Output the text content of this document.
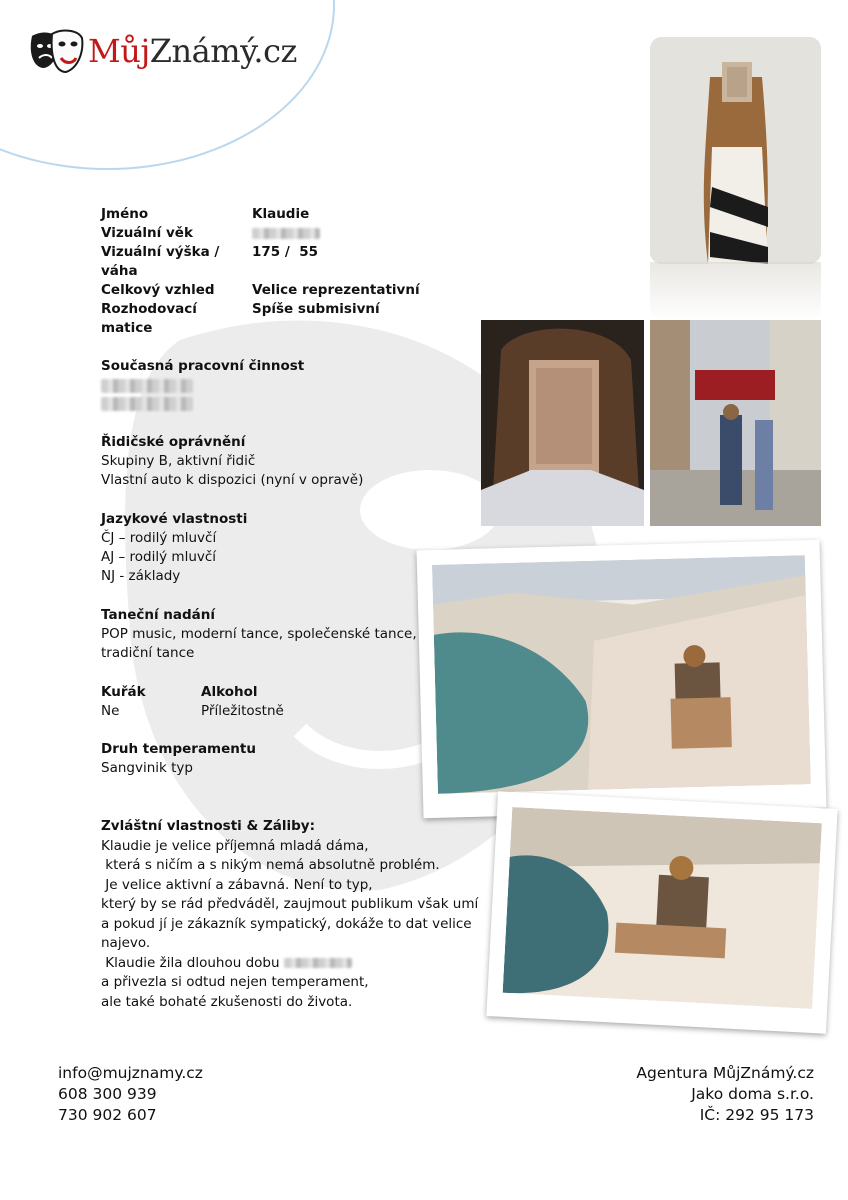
MůjZnámý.cz
Jméno	Klaudie
Vizuální věk
Vizuální výška / váha
175 /  55
Celkový vzhled	Velice reprezentativní
Rozhodovací matice
Spíše submisivní
Současná pracovní činnost
Řidičské oprávnění
Skupiny B, aktivní řidič
Vlastní auto k dispozici (nyní v opravě)
Jazykové vlastnosti
ČJ – rodilý mluvčí
AJ – rodilý mluvčí
NJ - základy
Taneční nadání
POP music, moderní tance, společenské tance,
tradiční tance
Kuřák
Ne
Alkohol
Příležitostně
Druh temperamentu
Sangvinik typ
Zvláštní vlastnosti & Záliby:

Klaudie je velice příjemná mladá dáma,

která s ničím a s nikým nemá absolutně problém.

Je velice aktivní a zábavná. Není to typ,

který by se rád předváděl, zaujmout publikum však umí

a pokud jí je zákazník sympatický, dokáže to dat velice

najevo.

Klaudie žila dlouhou dobu

a přivezla si odtud nejen temperament,

ale také bohaté zkušenosti do života.

info@mujznamy.cz
608 300 939
730 902 607
Agentura MůjZnámý.cz
Jako doma s.r.o.
IČ: 292 95 173
